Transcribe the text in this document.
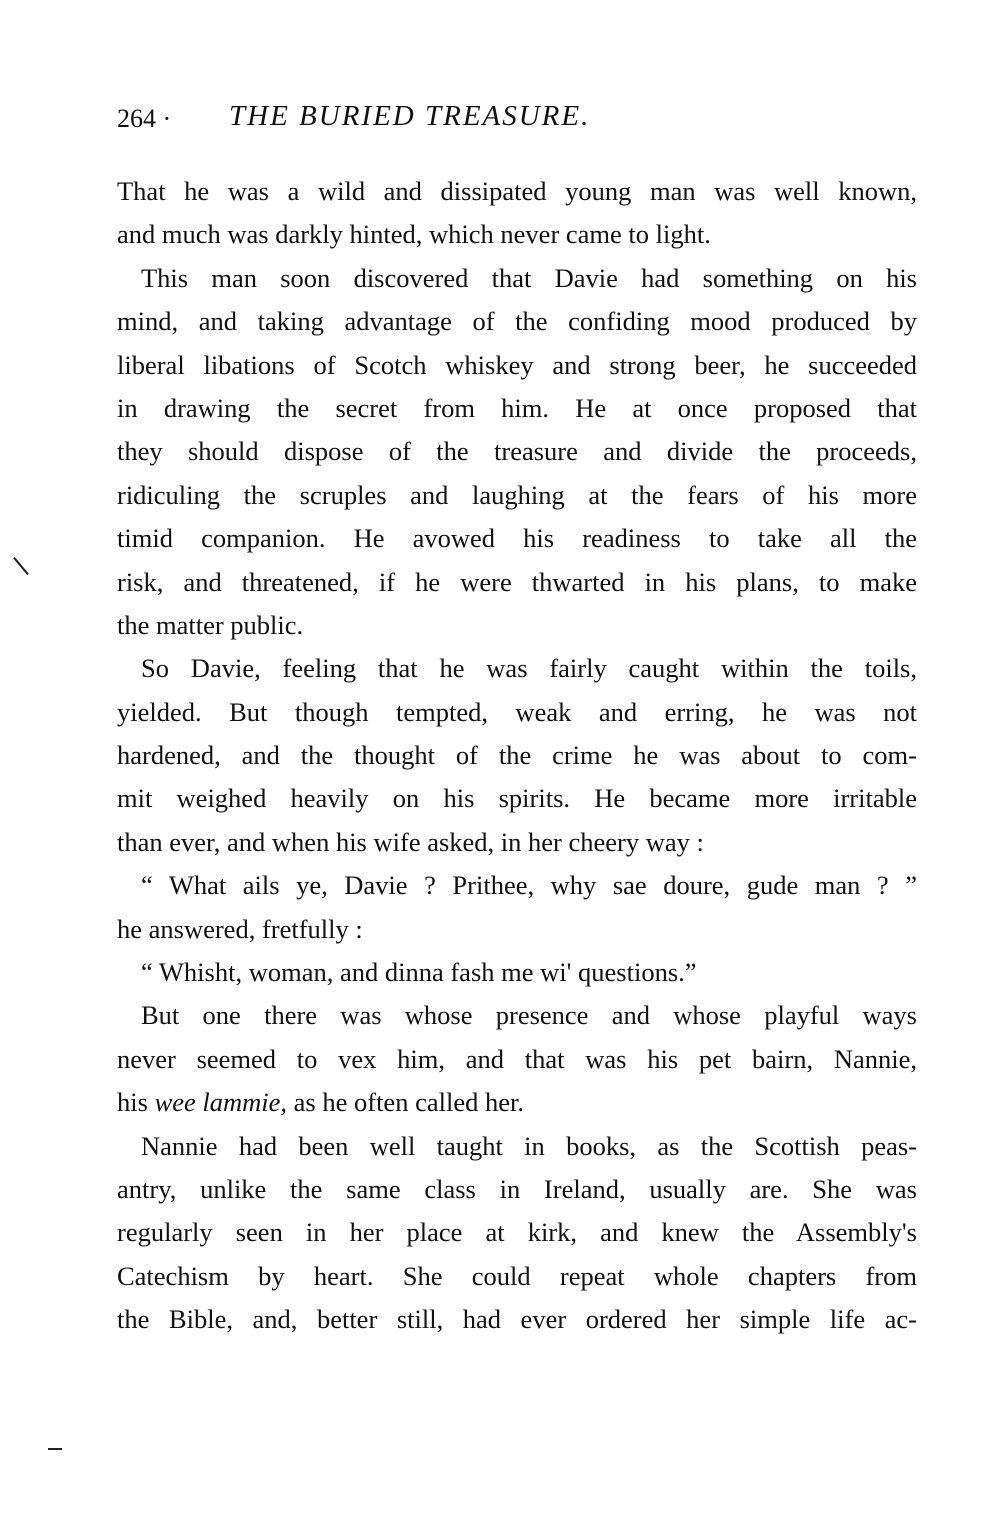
264 · THE BURIED TREASURE.
That he was a wild and dissipated young man was well known,
and much was darkly hinted, which never came to light.
This man soon discovered that Davie had something on his
mind, and taking advantage of the confiding mood produced by
liberal libations of Scotch whiskey and strong beer, he succeeded
in drawing the secret from him. He at once proposed that
they should dispose of the treasure and divide the proceeds,
ridiculing the scruples and laughing at the fears of his more
timid companion. He avowed his readiness to take all the
risk, and threatened, if he were thwarted in his plans, to make
the matter public.
So Davie, feeling that he was fairly caught within the toils,
yielded. But though tempted, weak and erring, he was not
hardened, and the thought of the crime he was about to com-
mit weighed heavily on his spirits. He became more irritable
than ever, and when his wife asked, in her cheery way :
“ What ails ye, Davie ? Prithee, why sae doure, gude man ? ”
he answered, fretfully :
“ Whisht, woman, and dinna fash me wi' questions.”
But one there was whose presence and whose playful ways
never seemed to vex him, and that was his pet bairn, Nannie,
his wee lammie, as he often called her.
Nannie had been well taught in books, as the Scottish peas-
antry, unlike the same class in Ireland, usually are. She was
regularly seen in her place at kirk, and knew the Assembly's
Catechism by heart. She could repeat whole chapters from
the Bible, and, better still, had ever ordered her simple life ac-
